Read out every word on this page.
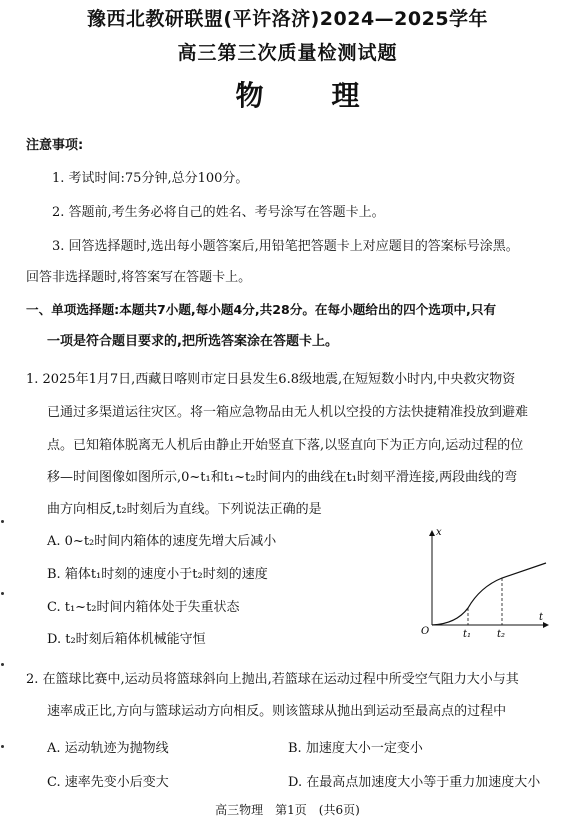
豫西北教研联盟(平许洛济)2024—2025学年
高三第三次质量检测试题
物　理
注意事项:
1. 考试时间:75分钟,总分100分。
2. 答题前,考生务必将自己的姓名、考号涂写在答题卡上。
3. 回答选择题时,选出每小题答案后,用铅笔把答题卡上对应题目的答案标号涂黑。
回答非选择题时,将答案写在答题卡上。
一、单项选择题:本题共7小题,每小题4分,共28分。在每小题给出的四个选项中,只有
一项是符合题目要求的,把所选答案涂在答题卡上。
1. 2025年1月7日,西藏日喀则市定日县发生6.8级地震,在短短数小时内,中央救灾物资
已通过多渠道运往灾区。将一箱应急物品由无人机以空投的方法快捷精准投放到避难
点。已知箱体脱离无人机后由静止开始竖直下落,以竖直向下为正方向,运动过程的位
移—时间图像如图所示,0~t₁和t₁~t₂时间内的曲线在t₁时刻平滑连接,两段曲线的弯
曲方向相反,t₂时刻后为直线。下列说法正确的是
A. 0~t₂时间内箱体的速度先增大后减小
B. 箱体t₁时刻的速度小于t₂时刻的速度
C. t₁~t₂时间内箱体处于失重状态
D. t₂时刻后箱体机械能守恒
x
t
O	t₁	t₂
2. 在篮球比赛中,运动员将篮球斜向上抛出,若篮球在运动过程中所受空气阻力大小与其
速率成正比,方向与篮球运动方向相反。则该篮球从抛出到运动至最高点的过程中
A. 运动轨迹为抛物线	B. 加速度大小一定变小
C. 速率先变小后变大	D. 在最高点加速度大小等于重力加速度大小
高三物理　第1页　(共6页)
